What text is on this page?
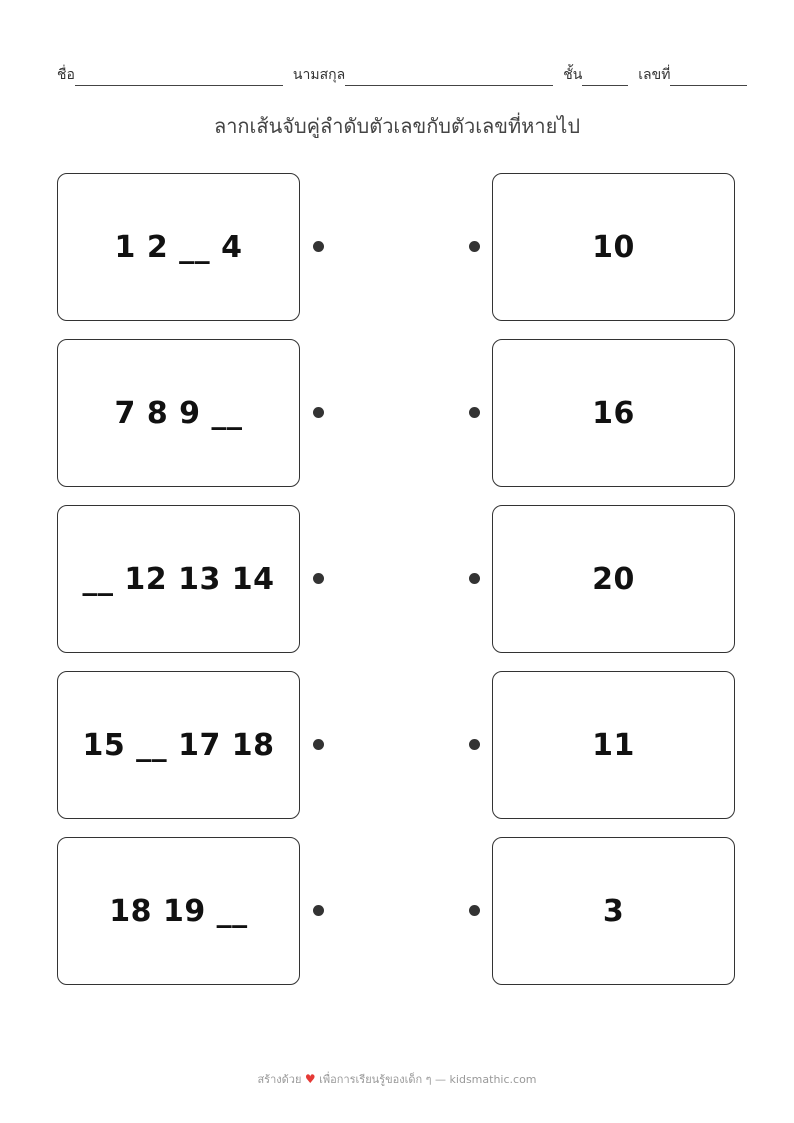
ชื่อ	นามสกุล	ชั้น	เลขที่
ลากเส้นจับคู่ลำดับตัวเลขกับตัวเลขที่หายไป
1 2 __ 4	10
7 8 9 __	16
__ 12 13 14	20
15 __ 17 18	11
18 19 __	3
สร้างด้วย ♥ เพื่อการเรียนรู้ของเด็ก ๆ — kidsmathic.com
